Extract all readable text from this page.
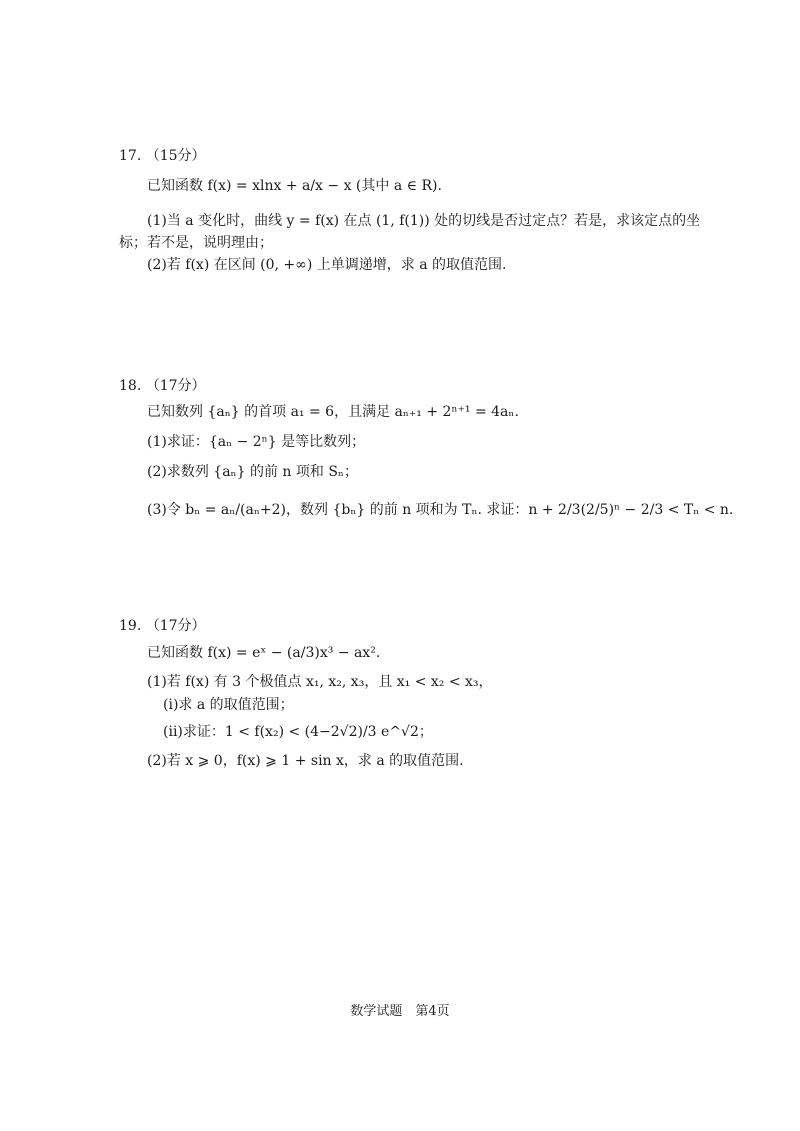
17. （15分）
已知函数 f(x) = xlnx + a/x − x (其中 a ∈ R).
(1)当 a 变化时，曲线 y = f(x) 在点 (1, f(1)) 处的切线是否过定点？若是，求该定点的坐
标；若不是，说明理由；
(2)若 f(x) 在区间 (0, +∞) 上单调递增，求 a 的取值范围.
18. （17分）
已知数列 {aₙ} 的首项 a₁ = 6，且满足 aₙ₊₁ + 2ⁿ⁺¹ = 4aₙ.
(1)求证：{aₙ − 2ⁿ} 是等比数列；
(2)求数列 {aₙ} 的前 n 项和 Sₙ；
(3)令 bₙ = aₙ/(aₙ+2)，数列 {bₙ} 的前 n 项和为 Tₙ. 求证：n + 2/3(2/5)ⁿ − 2/3 < Tₙ < n.
19. （17分）
已知函数 f(x) = eˣ − (a/3)x³ − ax².
(1)若 f(x) 有 3 个极值点 x₁, x₂, x₃，且 x₁ < x₂ < x₃，
(ⅰ)求 a 的取值范围；
(ⅱ)求证：1 < f(x₂) < (4−2√2)/3 e^√2；
(2)若 x ⩾ 0，f(x) ⩾ 1 + sin x，求 a 的取值范围.
数学试题　第4页
